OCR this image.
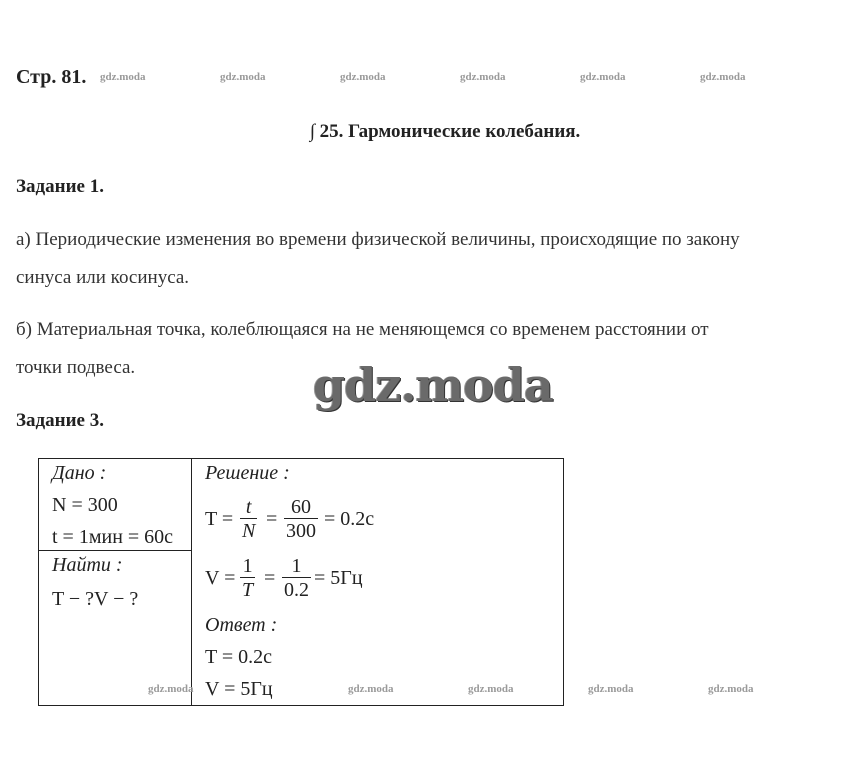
Стр. 81. gdz.moda	gdz.moda	gdz.moda	gdz.moda	gdz.moda	gdz.moda
∫ 25. Гармонические колебания.
Задание 1.
а) Периодические изменения во времени физической величины, происходящие по закону
синуса или косинуса.
б) Материальная точка, колеблющаяся на не меняющемся со временем расстоянии от
точки подвеса.	gdz.moda
Задание 3.
Дано :
N = 300
t = 1мин = 60с
Найти :
T − ?V − ?
Решение :
T =
t
N
=
60
300
= 0.2с
V =
1
T
=
1
0.2
= 5Гц
Ответ :
T = 0.2с
V = 5Гц
gdz.moda	gdz.moda	gdz.moda	gdz.moda	gdz.moda
